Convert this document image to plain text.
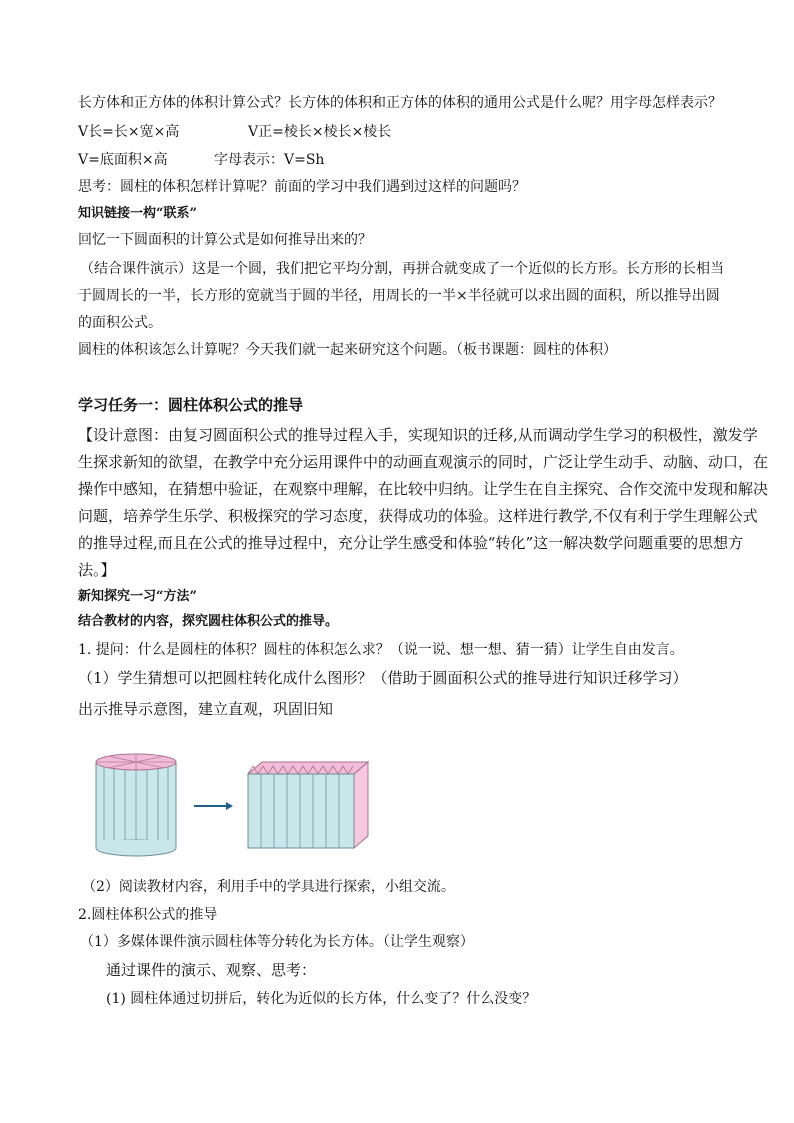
长方体和正方体的体积计算公式？长方体的体积和正方体的体积的通用公式是什么呢？用字母怎样表示？
V长=长×宽×高	V正=棱长×棱长×棱长
V=底面积×高	字母表示：V=Sh
思考：圆柱的体积怎样计算呢？前面的学习中我们遇到过这样的问题吗？
知识链接一构“联系”
回忆一下圆面积的计算公式是如何推导出来的？
（结合课件演示）这是一个圆，我们把它平均分割，再拼合就变成了一个近似的长方形。长方形的长相当
于圆周长的一半，长方形的宽就当于圆的半径，用周长的一半×半径就可以求出圆的面积，所以推导出圆
的面积公式。
圆柱的体积该怎么计算呢？今天我们就一起来研究这个问题。（板书课题：圆柱的体积）
学习任务一：圆柱体积公式的推导
【设计意图：由复习圆面积公式的推导过程入手，实现知识的迁移,从而调动学生学习的积极性，激发学
生探求新知的欲望，在教学中充分运用课件中的动画直观演示的同时，广泛让学生动手、动脑、动口，在
操作中感知，在猜想中验证，在观察中理解，在比较中归纳。让学生在自主探究、合作交流中发现和解决
问题，培养学生乐学、积极探究的学习态度，获得成功的体验。这样进行教学,不仅有利于学生理解公式
的推导过程,而且在公式的推导过程中，充分让学生感受和体验“转化”这一解决数学问题重要的思想方
法。】
新知探究一习“方法”
结合教材的内容，探究圆柱体积公式的推导。
1. 提问：什么是圆柱的体积？圆柱的体积怎么求？（说一说、想一想、猜一猜）让学生自由发言。
（1）学生猜想可以把圆柱转化成什么图形？（借助于圆面积公式的推导进行知识迁移学习）
出示推导示意图，建立直观，巩固旧知
（2）阅读教材内容，利用手中的学具进行探索，小组交流。
2.圆柱体积公式的推导
（1）多媒体课件演示圆柱体等分转化为长方体。（让学生观察）
通过课件的演示、观察、思考：
(1) 圆柱体通过切拼后，转化为近似的长方体，什么变了？什么没变？
